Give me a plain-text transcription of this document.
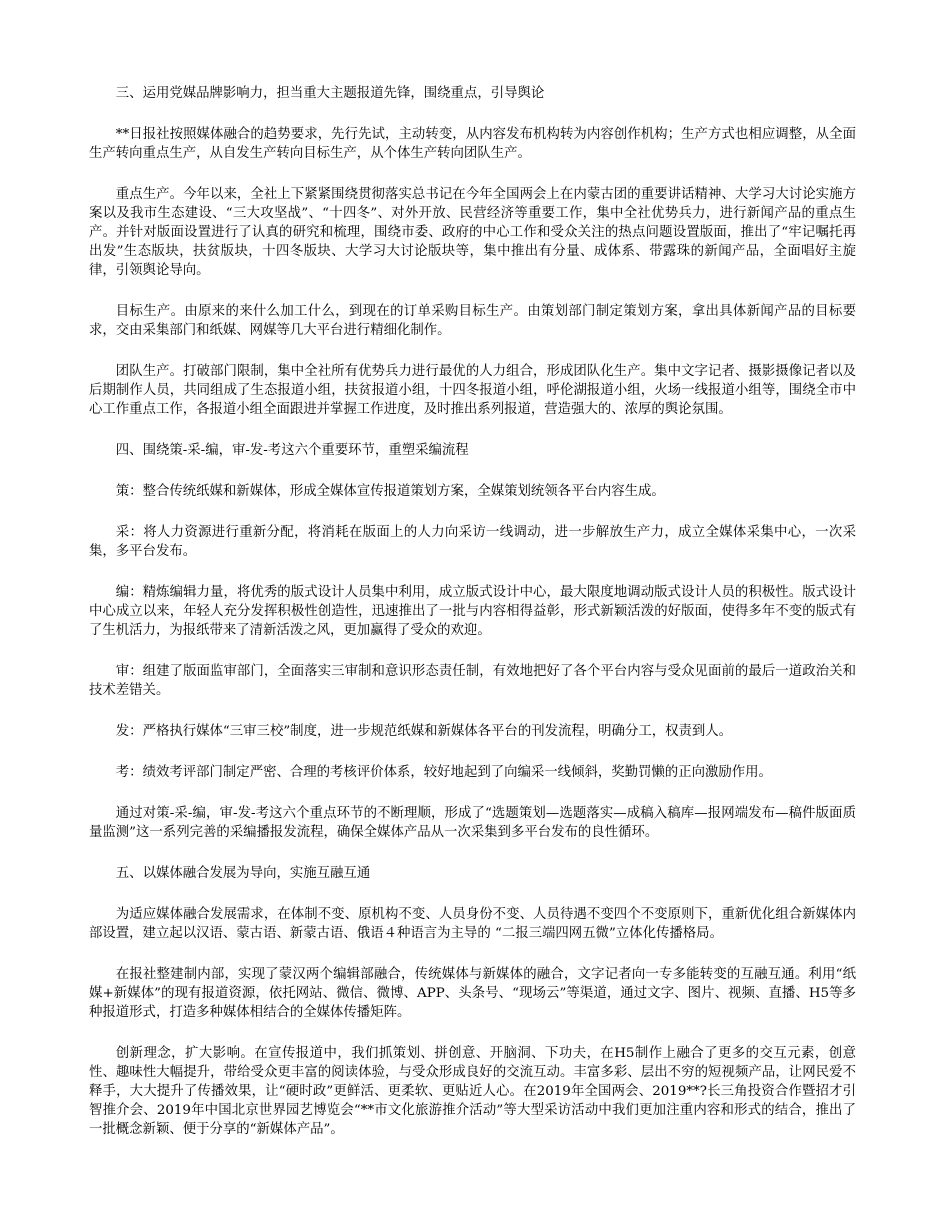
三、运用党媒品牌影响力，担当重大主题报道先锋，围绕重点，引导舆论

**日报社按照媒体融合的趋势要求，先行先试，主动转变，从内容发布机构转为内容创作机构；生产方式也相应调整，从全面生产转向重点生产，从自发生产转向目标生产，从个体生产转向团队生产。

重点生产。今年以来，全社上下紧紧围绕贯彻落实总书记在今年全国两会上在内蒙古团的重要讲话精神、大学习大讨论实施方案以及我市生态建设、“三大攻坚战”、“十四冬”、对外开放、民营经济等重要工作，集中全社优势兵力，进行新闻产品的重点生产。并针对版面设置进行了认真的研究和梳理，围绕市委、政府的中心工作和受众关注的热点问题设置版面，推出了“牢记嘱托再出发”生态版块，扶贫版块，十四冬版块、大学习大讨论版块等，集中推出有分量、成体系、带露珠的新闻产品，全面唱好主旋律，引领舆论导向。

目标生产。由原来的来什么加工什么，到现在的订单采购目标生产。由策划部门制定策划方案，拿出具体新闻产品的目标要求，交由采集部门和纸媒、网媒等几大平台进行精细化制作。

团队生产。打破部门限制，集中全社所有优势兵力进行最优的人力组合，形成团队化生产。集中文字记者、摄影摄像记者以及后期制作人员，共同组成了生态报道小组，扶贫报道小组，十四冬报道小组，呼伦湖报道小组，火场一线报道小组等，围绕全市中心工作重点工作，各报道小组全面跟进并掌握工作进度，及时推出系列报道，营造强大的、浓厚的舆论氛围。

四、围绕策-采-编，审-发-考这六个重要环节，重塑采编流程

策：整合传统纸媒和新媒体，形成全媒体宣传报道策划方案，全媒策划统领各平台内容生成。

采：将人力资源进行重新分配，将消耗在版面上的人力向采访一线调动，进一步解放生产力，成立全媒体采集中心，一次采集，多平台发布。

编：精炼编辑力量，将优秀的版式设计人员集中利用，成立版式设计中心，最大限度地调动版式设计人员的积极性。版式设计中心成立以来，年轻人充分发挥积极性创造性，迅速推出了一批与内容相得益彰，形式新颖活泼的好版面，使得多年不变的版式有了生机活力，为报纸带来了清新活泼之风，更加赢得了受众的欢迎。

审：组建了版面监审部门，全面落实三审制和意识形态责任制，有效地把好了各个平台内容与受众见面前的最后一道政治关和技术差错关。

发：严格执行媒体“三审三校”制度，进一步规范纸媒和新媒体各平台的刊发流程，明确分工，权责到人。

考：绩效考评部门制定严密、合理的考核评价体系，较好地起到了向编采一线倾斜，奖勤罚懒的正向激励作用。

通过对策-采-编，审-发-考这六个重点环节的不断理顺，形成了“选题策划—选题落实—成稿入稿库—报网端发布—稿件版面质量监测”这一系列完善的采编播报发流程，确保全媒体产品从一次采集到多平台发布的良性循环。

五、以媒体融合发展为导向，实施互融互通

为适应媒体融合发展需求，在体制不变、原机构不变、人员身份不变、人员待遇不变四个不变原则下，重新优化组合新媒体内部设置，建立起以汉语、蒙古语、新蒙古语、俄语４种语言为主导的 “二报三端四网五微”立体化传播格局。

在报社整建制内部，实现了蒙汉两个编辑部融合，传统媒体与新媒体的融合，文字记者向一专多能转变的互融互通。利用“纸媒+新媒体”的现有报道资源，依托网站、微信、微博、APP、头条号、“现场云”等渠道，通过文字、图片、视频、直播、H5等多种报道形式，打造多种媒体相结合的全媒体传播矩阵。

创新理念，扩大影响。在宣传报道中，我们抓策划、拼创意、开脑洞、下功夫，在H5制作上融合了更多的交互元素，创意性、趣味性大幅提升，带给受众更丰富的阅读体验，与受众形成良好的交流互动。丰富多彩、层出不穷的短视频产品，让网民爱不释手，大大提升了传播效果，让“硬时政”更鲜活、更柔软、更贴近人心。在2019年全国两会、2019**?长三角投资合作暨招才引智推介会、2019年中国北京世界园艺博览会“**市文化旅游推介活动”等大型采访活动中我们更加注重内容和形式的结合，推出了一批概念新颖、便于分享的“新媒体产品”。
